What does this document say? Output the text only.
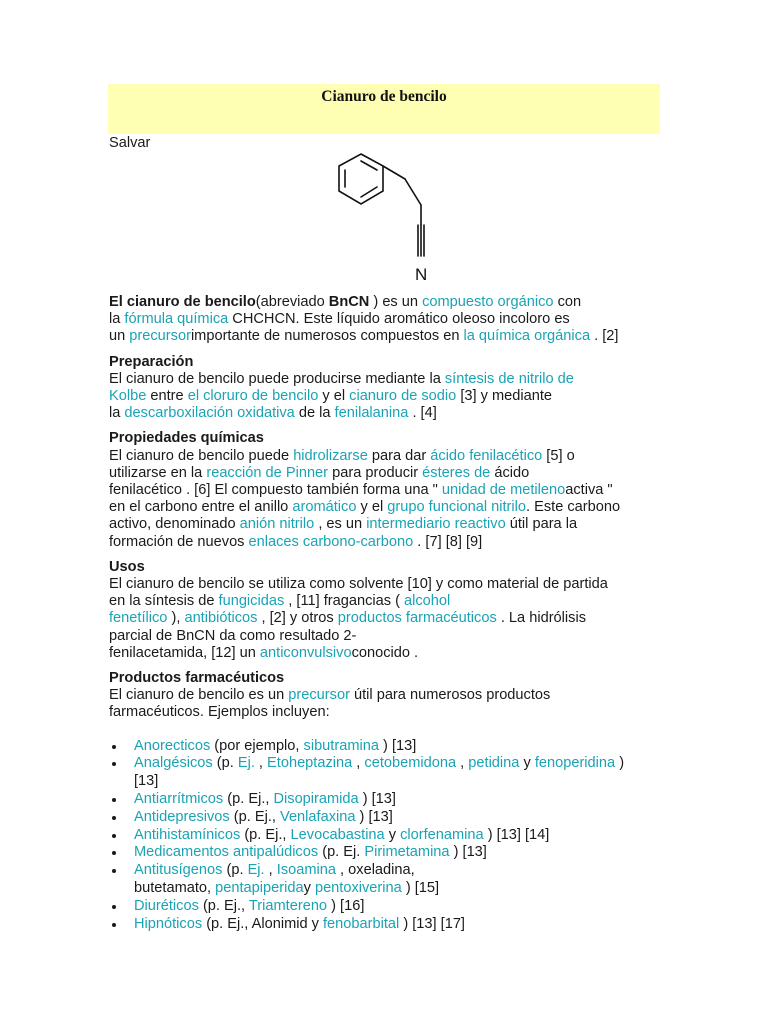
Cianuro de bencilo
Salvar
N

El cianuro de bencilo(abreviado BnCN ) es un compuesto orgánico con

la fórmula química CHCHCN. Este líquido aromático oleoso incoloro es

un precursorimportante de numerosos compuestos en la química orgánica . [2]

Preparación

El cianuro de bencilo puede producirse mediante la síntesis de nitrilo de

Kolbe entre el cloruro de bencilo y el cianuro de sodio [3] y mediante

la descarboxilación oxidativa de la fenilalanina . [4]

Propiedades químicas

El cianuro de bencilo puede hidrolizarse para dar ácido fenilacético [5] o

utilizarse en la reacción de Pinner para producir ésteres de ácido

fenilacético . [6] El compuesto también forma una " unidad de metilenoactiva "

en el carbono entre el anillo aromático y el grupo funcional nitrilo. Este carbono

activo, denominado anión nitrilo , es un intermediario reactivo útil para la

formación de nuevos enlaces carbono-carbono . [7] [8] [9]

Usos

El cianuro de bencilo se utiliza como solvente [10] y como material de partida

en la síntesis de fungicidas , [11] fragancias ( alcohol

fenetílico ), antibióticos , [2] y otros productos farmacéuticos . La hidrólisis

parcial de BnCN da como resultado 2-

fenilacetamida, [12] un anticonvulsivoconocido .

Productos farmacéuticos

El cianuro de bencilo es un precursor útil para numerosos productos

farmacéuticos. Ejemplos incluyen:

Anorecticos (por ejemplo, sibutramina ) [13]
Analgésicos (p. Ej. , Etoheptazina , cetobemidona , petidina y fenoperidina )
[13]
Antiarrítmicos (p. Ej., Disopiramida ) [13]
Antidepresivos (p. Ej., Venlafaxina ) [13]
Antihistamínicos (p. Ej., Levocabastina y clorfenamina ) [13] [14]
Medicamentos antipalúdicos (p. Ej. Pirimetamina ) [13]
Antitusígenos (p. Ej. , Isoamina , oxeladina,
butetamato, pentapiperiday pentoxiverina ) [15]
Diuréticos (p. Ej., Triamtereno ) [16]
Hipnóticos (p. Ej., Alonimid y fenobarbital ) [13] [17]
